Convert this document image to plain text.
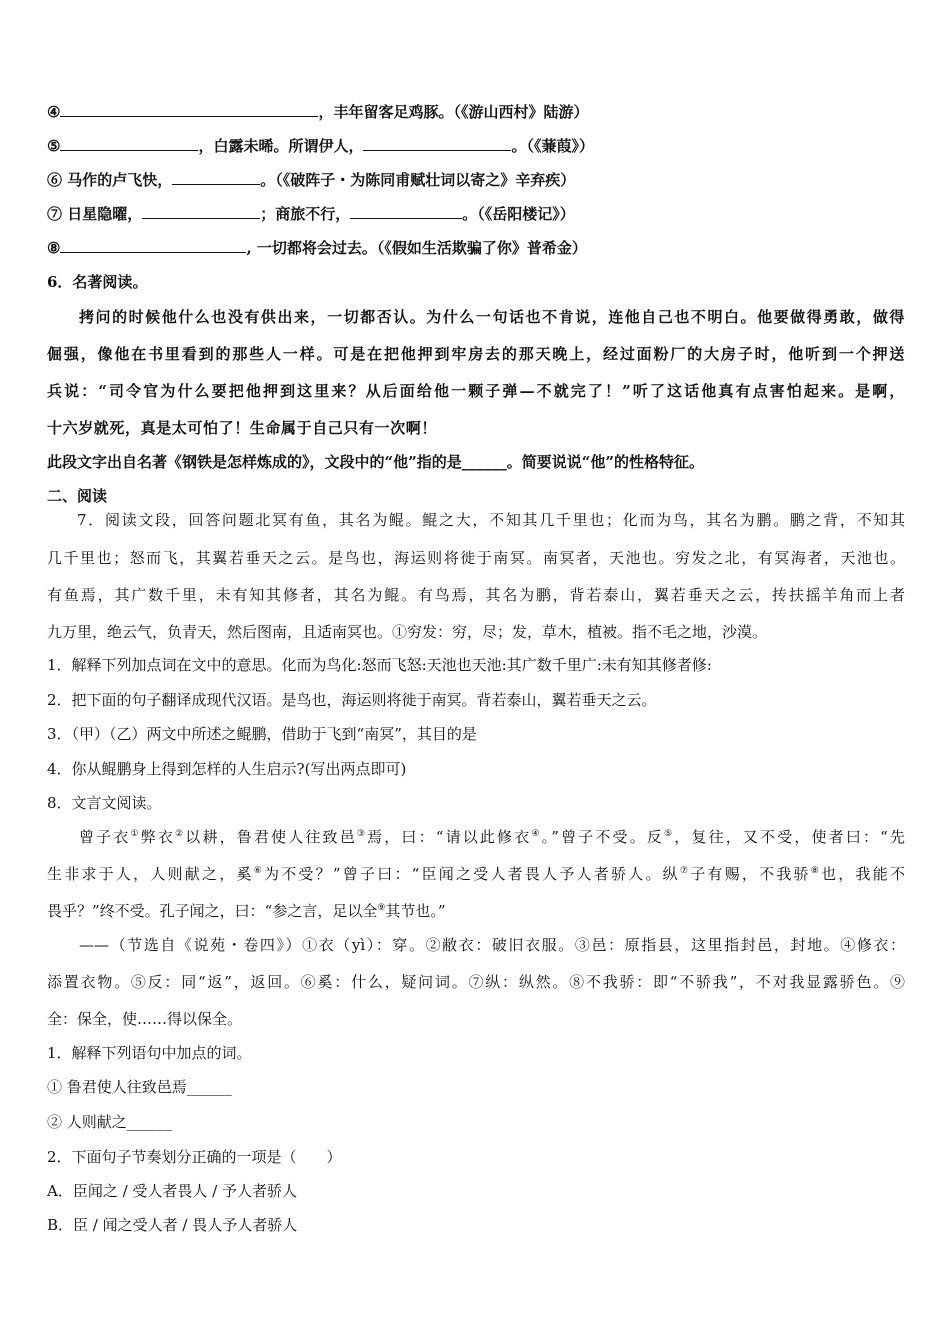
④	，丰年留客足鸡豚。（《游山西村》陆游）
⑤	，白露未晞。所谓伊人，	。（《蒹葭》）
⑥ 马作的卢飞快，	。（《破阵子・为陈同甫赋壮词以寄之》辛弃疾）
⑦ 日星隐曜，	；商旅不行，	。（《岳阳楼记》）
⑧	, 一切都将会过去。（《假如生活欺骗了你》普希金）
6．名著阅读。
拷问的时候他什么也没有供出来，一切都否认。为什么一句话也不肯说，连他自己也不明白。他要做得勇敢，做得
倔强，像他在书里看到的那些人一样。可是在把他押到牢房去的那天晚上，经过面粉厂的大房子时，他听到一个押送
兵说：“司令官为什么要把他押到这里来？从后面给他一颗子弹—不就完了！”听了这话他真有点害怕起来。是啊，
十六岁就死，真是太可怕了！生命属于自己只有一次啊！
此段文字出自名著《钢铁是怎样炼成的》，文段中的“他”指的是______。简要说说“他”的性格特征。
二、阅读
7．阅读文段，回答问题北冥有鱼，其名为鲲。鲲之大，不知其几千里也；化而为鸟，其名为鹏。鹏之背，不知其
几千里也；怒而飞，其翼若垂天之云。是鸟也，海运则将徙于南冥。南冥者，天池也。穷发之北，有冥海者，天池也。
有鱼焉，其广数千里，未有知其修者，其名为鲲。有鸟焉，其名为鹏，背若泰山，翼若垂天之云，抟扶摇羊角而上者
九万里，绝云气，负青天，然后图南，且适南冥也。①穷发：穷，尽；发，草木，植被。指不毛之地，沙漠。
1．解释下列加点词在文中的意思。化而为鸟化:怒而飞怒:天池也天池:其广数千里广:未有知其修者修:
2．把下面的句子翻译成现代汉语。是鸟也，海运则将徙于南冥。背若泰山，翼若垂天之云。
3．（甲）（乙）两文中所述之鲲鹏，借助于飞到“南冥”，其目的是
4．你从鲲鹏身上得到怎样的人生启示?(写出两点即可)
8．文言文阅读。
曾子衣①弊衣②以耕，鲁君使人往致邑③焉，曰：“请以此修衣④。”曾子不受。反⑤，复往，又不受，使者曰：“先
生非求于人，人则献之，奚⑥为不受？”曾子曰：“臣闻之受人者畏人予人者骄人。纵⑦子有赐，不我骄⑧也，我能不
畏乎？”终不受。孔子闻之，曰：“参之言，足以全⑨其节也。”
——（节选自《说苑・卷四》）①衣（yì）：穿。②敝衣：破旧衣服。③邑：原指县，这里指封邑，封地。④修衣：
添置衣物。⑤反：同“返”，返回。⑥奚：什么，疑问词。⑦纵：纵然。⑧不我骄：即“不骄我”，不对我显露骄色。⑨
全：保全，使……得以保全。
1．解释下列语句中加点的词。
① 鲁君使人往致邑焉______
② 人则献之______
2．下面句子节奏划分正确的一项是（　　）
A．臣闻之 / 受人者畏人 / 予人者骄人
B．臣 / 闻之受人者 / 畏人予人者骄人
